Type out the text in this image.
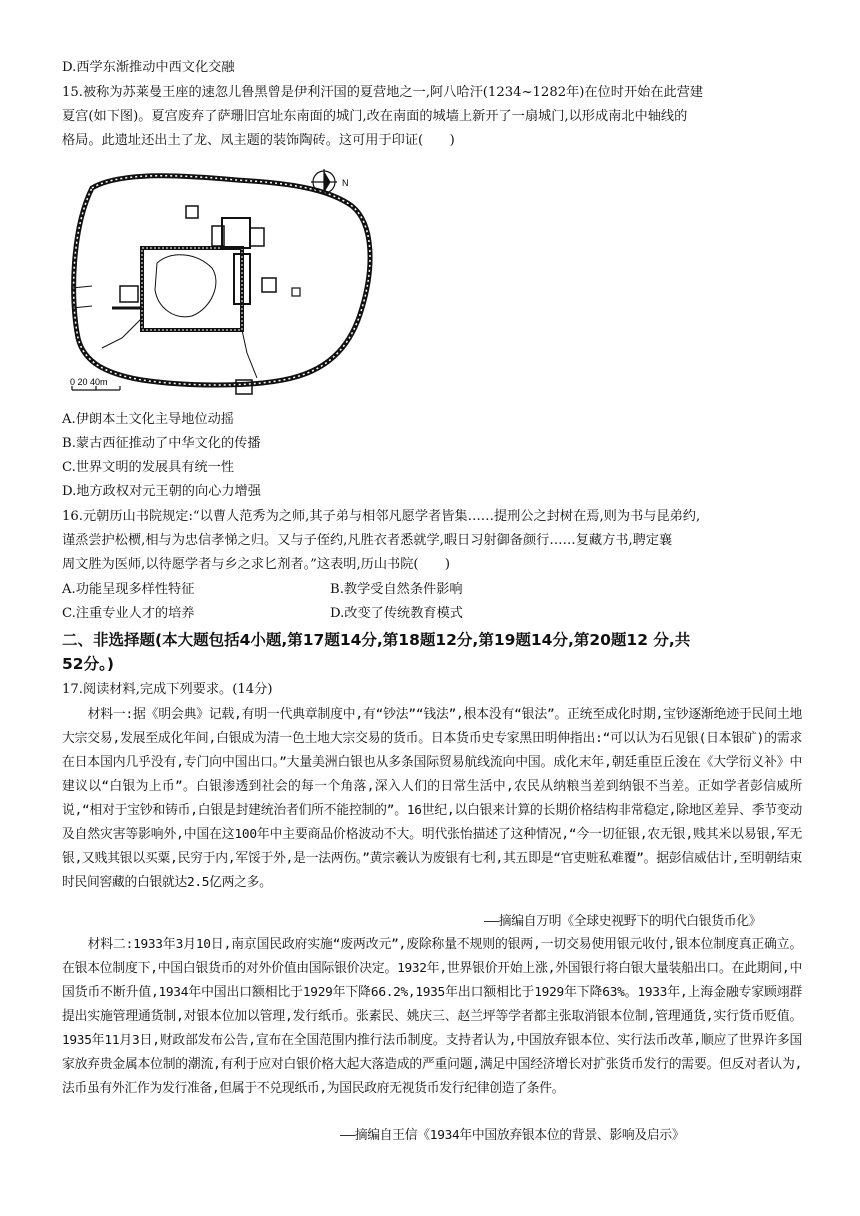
D.西学东渐推动中西文化交融
15.被称为苏莱曼王座的速忽儿鲁黑曾是伊利汗国的夏营地之一,阿八哈汗(1234~1282年)在位时开始在此营建
夏宫(如下图)。夏宫废弃了萨珊旧宫址东南面的城门,改在南面的城墙上新开了一扇城门,以形成南北中轴线的
格局。此遗址还出土了龙、凤主题的装饰陶砖。这可用于印证(　　)
N
0 20 40m
A.伊朗本土文化主导地位动摇
B.蒙古西征推动了中华文化的传播
C.世界文明的发展具有统一性
D.地方政权对元王朝的向心力增强
16.元朝历山书院规定:“以曹人范秀为之师,其子弟与相邻凡愿学者皆集……提刑公之封树在焉,则为书与昆弟约,
谨烝尝护松槚,相与为忠信孝悌之归。又与子侄约,凡胜衣者悉就学,暇日习射御备颜行……复藏方书,聘定襄
周文胜为医师,以待愿学者与乡之求匕剂者。”这表明,历山书院(　　)
A.功能呈现多样性特征	B.教学受自然条件影响
C.注重专业人才的培养	D.改变了传统教育模式
二、非选择题(本大题包括4小题,第17题14分,第18题12分,第19题14分,第20题12 分,共
52分。)
17.阅读材料,完成下列要求。(14分)

材料一:据《明会典》记载,有明一代典章制度中,有“钞法”“钱法”,根本没有“银法”。正统至成化时期,宝钞逐渐绝迹于民间土地大宗交易,发展至成化年间,白银成为清一色土地大宗交易的货币。日本货币史专家黑田明伸指出:“可以认为石见银(日本银矿)的需求在日本国内几乎没有,专门向中国出口。”大量美洲白银也从多条国际贸易航线流向中国。成化末年,朝廷重臣丘浚在《大学衍义补》中建议以“白银为上币”。白银渗透到社会的每一个角落,深入人们的日常生活中,农民从纳粮当差到纳银不当差。正如学者彭信威所说,“相对于宝钞和铸币,白银是封建统治者们所不能控制的”。16世纪,以白银来计算的长期价格结构非常稳定,除地区差异、季节变动及自然灾害等影响外,中国在这100年中主要商品价格波动不大。明代张怡描述了这种情况,“今一切征银,农无银,贱其米以易银,军无银,又贱其银以买粟,民穷于内,军馁于外,是一法两伤。”黄宗羲认为废银有七利,其五即是“官吏赃私难覆”。据彭信威估计,至明朝结束时民间窖藏的白银就达2.5亿两之多。

——摘编自万明《全球史视野下的明代白银货币化》

材料二:1933年3月10日,南京国民政府实施“废两改元”,废除称量不规则的银两,一切交易使用银元收付,银本位制度真正确立。在银本位制度下,中国白银货币的对外价值由国际银价决定。1932年,世界银价开始上涨,外国银行将白银大量装船出口。在此期间,中国货币不断升值,1934年中国出口额相比于1929年下降66.2%,1935年出口额相比于1929年下降63%。1933年,上海金融专家顾翊群提出实施管理通货制,对银本位加以管理,发行纸币。张素民、姚庆三、赵兰坪等学者都主张取消银本位制,管理通货,实行货币贬值。1935年11月3日,财政部发布公告,宣布在全国范围内推行法币制度。支持者认为,中国放弃银本位、实行法币改革,顺应了世界许多国家放弃贵金属本位制的潮流,有利于应对白银价格大起大落造成的严重问题,满足中国经济增长对扩张货币发行的需要。但反对者认为,法币虽有外汇作为发行准备,但属于不兑现纸币,为国民政府无视货币发行纪律创造了条件。

——摘编自王信《1934年中国放弃银本位的背景、影响及启示》
